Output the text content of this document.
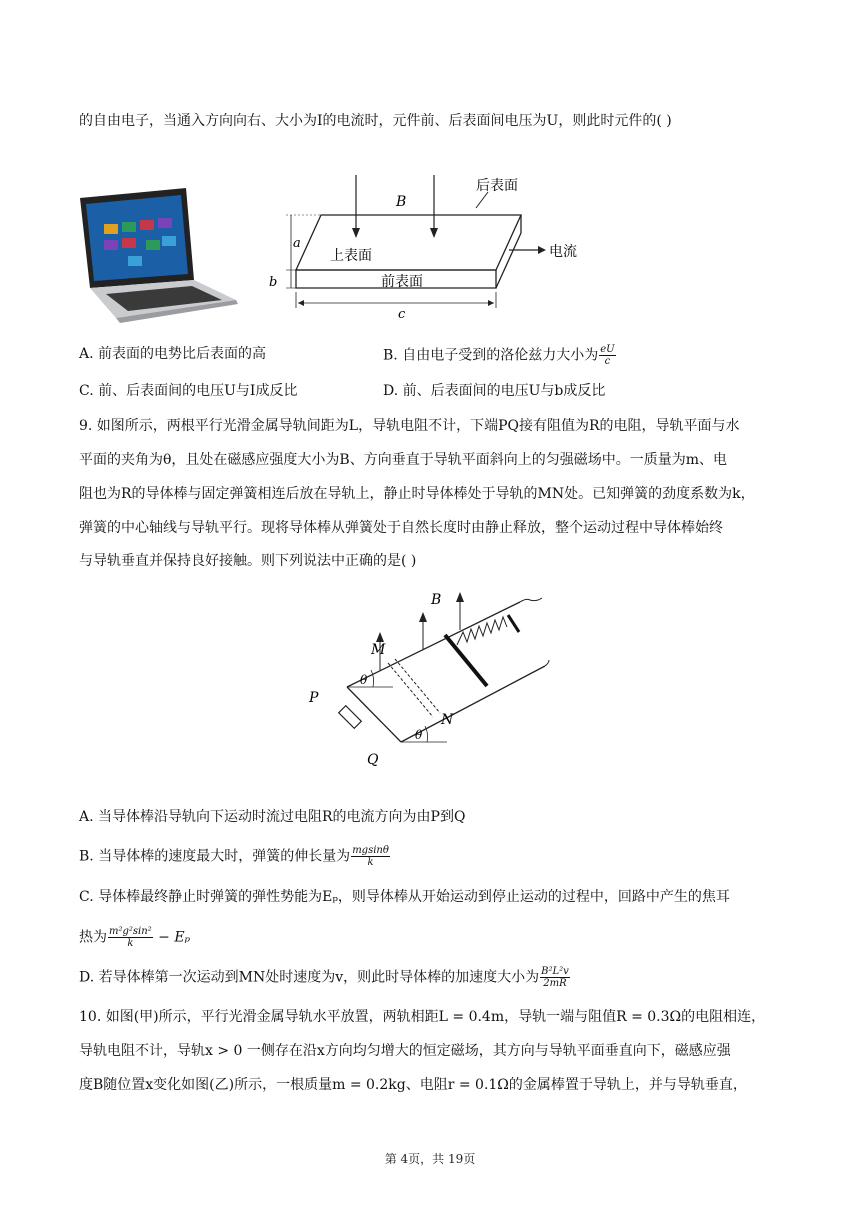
的自由电子，当通入方向向右、大小为I的电流时，元件前、后表面间电压为U，则此时元件的( )
B
后表面
上表面
前表面
电流
a
b
c
A. 前表面的电势比后表面的高	B. 自由电子受到的洛伦兹力大小为 $\frac{eU}{c}$
C. 前、后表面间的电压U与I成反比	D. 前、后表面间的电压U与b成反比
9. 如图所示，两根平行光滑金属导轨间距为L，导轨电阻不计，下端PQ接有阻值为R的电阻，导轨平面与水
平面的夹角为θ，且处在磁感应强度大小为B、方向垂直于导轨平面斜向上的匀强磁场中。一质量为m、电
阻也为R的导体棒与固定弹簧相连后放在导轨上，静止时导体棒处于导轨的MN处。已知弹簧的劲度系数为k，
弹簧的中心轴线与导轨平行。现将导体棒从弹簧处于自然长度时由静止释放，整个运动过程中导体棒始终
与导轨垂直并保持良好接触。则下列说法中正确的是( )
B
M
N
P
Q
θ
θ
A. 当导体棒沿导轨向下运动时流过电阻R的电流方向为由P到Q
B. 当导体棒的速度最大时，弹簧的伸长量为 $\frac{mgsin\theta}{k}$
C. 导体棒最终静止时弹簧的弹性势能为Eₚ，则导体棒从开始运动到停止运动的过程中，回路中产生的焦耳
热为 $\frac{\text{m²g²sin²}}{k} - E_p$
D. 若导体棒第一次运动到MN处时速度为v，则此时导体棒的加速度大小为 $\frac{\text{B²L²v}}{2mR}$
10. 如图(甲)所示，平行光滑金属导轨水平放置，两轨相距L = 0.4m，导轨一端与阻值R = 0.3Ω的电阻相连，
导轨电阻不计，导轨x > 0 一侧存在沿x方向均匀增大的恒定磁场，其方向与导轨平面垂直向下，磁感应强
度B随位置x变化如图(乙)所示，一根质量m = 0.2kg、电阻r = 0.1Ω的金属棒置于导轨上，并与导轨垂直，
第 4页，共 19页
